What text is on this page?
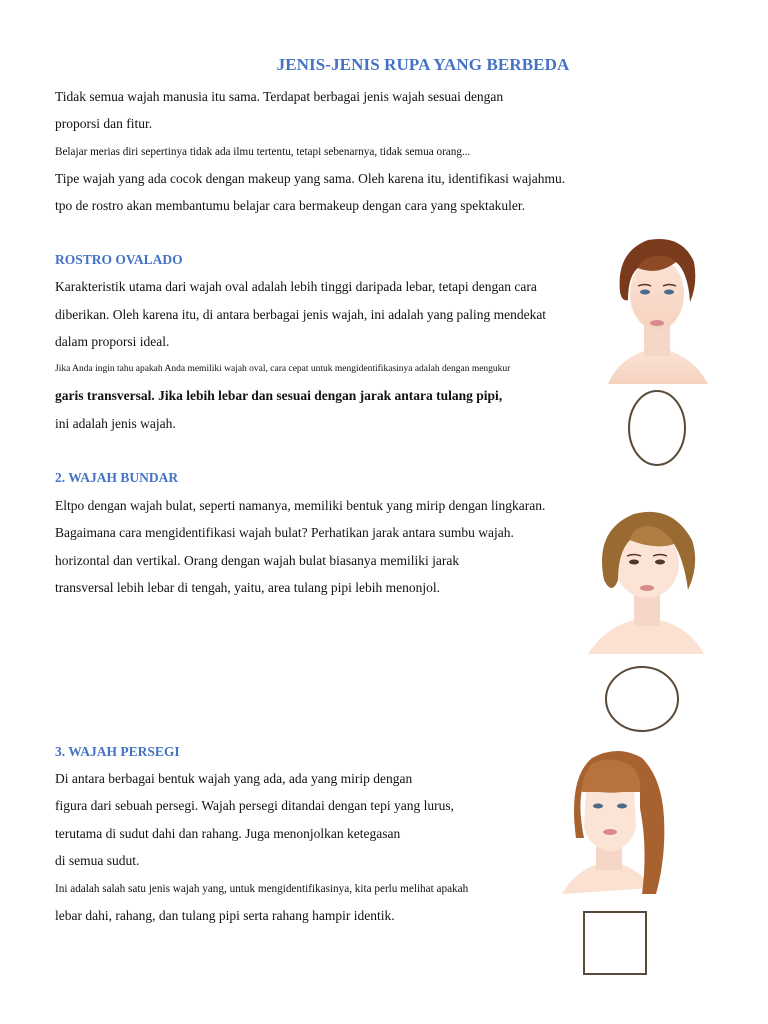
JENIS-JENIS RUPA YANG BERBEDA
Tidak semua wajah manusia itu sama. Terdapat berbagai jenis wajah sesuai dengan
proporsi dan fitur.
Belajar merias diri sepertinya tidak ada ilmu tertentu, tetapi sebenarnya, tidak semua orang...
Tipe wajah yang ada cocok dengan makeup yang sama. Oleh karena itu, identifikasi wajahmu.
tpo de rostro akan membantumu belajar cara bermakeup dengan cara yang spektakuler.
ROSTRO OVALADO
Karakteristik utama dari wajah oval adalah lebih tinggi daripada lebar, tetapi dengan cara
diberikan. Oleh karena itu, di antara berbagai jenis wajah, ini adalah yang paling mendekat
dalam proporsi ideal.
Jika Anda ingin tahu apakah Anda memiliki wajah oval, cara cepat untuk mengidentifikasinya adalah dengan mengukur
garis transversal. Jika lebih lebar dan sesuai dengan jarak antara tulang pipi,
ini adalah jenis wajah.
2. WAJAH BUNDAR
Eltpo dengan wajah bulat, seperti namanya, memiliki bentuk yang mirip dengan lingkaran.
Bagaimana cara mengidentifikasi wajah bulat? Perhatikan jarak antara sumbu wajah.
horizontal dan vertikal. Orang dengan wajah bulat biasanya memiliki jarak
transversal lebih lebar di tengah, yaitu, area tulang pipi lebih menonjol.
3. WAJAH PERSEGI
Di antara berbagai bentuk wajah yang ada, ada yang mirip dengan
figura dari sebuah persegi. Wajah persegi ditandai dengan tepi yang lurus,
terutama di sudut dahi dan rahang. Juga menonjolkan ketegasan
di semua sudut.
Ini adalah salah satu jenis wajah yang, untuk mengidentifikasinya, kita perlu melihat apakah
lebar dahi, rahang, dan tulang pipi serta rahang hampir identik.
